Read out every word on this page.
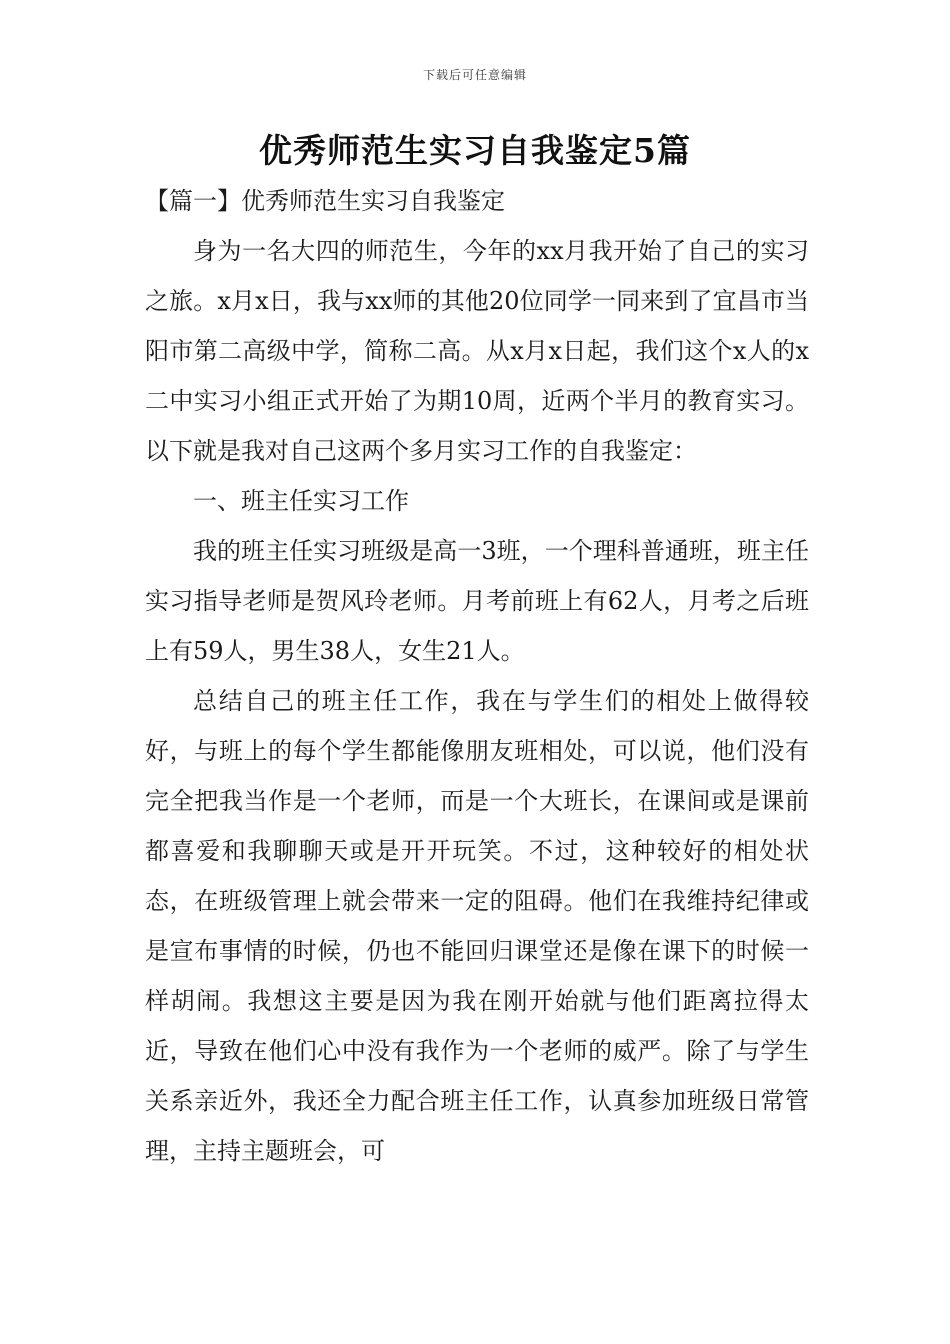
下载后可任意编辑
优秀师范生实习自我鉴定5篇

【篇一】优秀师范生实习自我鉴定

身为一名大四的师范生，今年的xx月我开始了自己的实习之旅。x月x日，我与xx师的其他20位同学一同来到了宜昌市当阳市第二高级中学，简称二高。从x月x日起，我们这个x人的x二中实习小组正式开始了为期10周，近两个半月的教育实习。以下就是我对自己这两个多月实习工作的自我鉴定：

一、班主任实习工作

我的班主任实习班级是高一3班，一个理科普通班，班主任实习指导老师是贺风玲老师。月考前班上有62人，月考之后班上有59人，男生38人，女生21人。

总结自己的班主任工作，我在与学生们的相处上做得较好，与班上的每个学生都能像朋友班相处，可以说，他们没有完全把我当作是一个老师，而是一个大班长，在课间或是课前都喜爱和我聊聊天或是开开玩笑。不过，这种较好的相处状态，在班级管理上就会带来一定的阻碍。他们在我维持纪律或是宣布事情的时候，仍也不能回归课堂还是像在课下的时候一样胡闹。我想这主要是因为我在刚开始就与他们距离拉得太近，导致在他们心中没有我作为一个老师的威严。除了与学生关系亲近外，我还全力配合班主任工作，认真参加班级日常管理，主持主题班会，可
